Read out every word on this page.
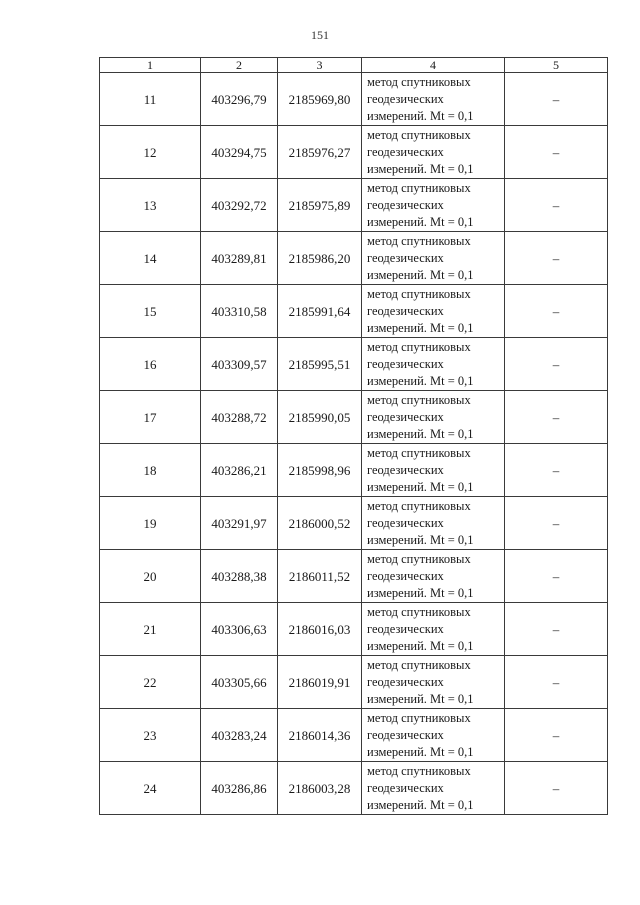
151
1	2	3	4	5
11	403296,79	2185969,80	метод спутниковых
геодезических
измерений. Mt = 0,1	–
12	403294,75	2185976,27	метод спутниковых
геодезических
измерений. Mt = 0,1	–
13	403292,72	2185975,89	метод спутниковых
геодезических
измерений. Mt = 0,1	–
14	403289,81	2185986,20	метод спутниковых
геодезических
измерений. Mt = 0,1	–
15	403310,58	2185991,64	метод спутниковых
геодезических
измерений. Mt = 0,1	–
16	403309,57	2185995,51	метод спутниковых
геодезических
измерений. Mt = 0,1	–
17	403288,72	2185990,05	метод спутниковых
геодезических
измерений. Mt = 0,1	–
18	403286,21	2185998,96	метод спутниковых
геодезических
измерений. Mt = 0,1	–
19	403291,97	2186000,52	метод спутниковых
геодезических
измерений. Mt = 0,1	–
20	403288,38	2186011,52	метод спутниковых
геодезических
измерений. Mt = 0,1	–
21	403306,63	2186016,03	метод спутниковых
геодезических
измерений. Mt = 0,1	–
22	403305,66	2186019,91	метод спутниковых
геодезических
измерений. Mt = 0,1	–
23	403283,24	2186014,36	метод спутниковых
геодезических
измерений. Mt = 0,1	–
24	403286,86	2186003,28	метод спутниковых
геодезических
измерений. Mt = 0,1	–
